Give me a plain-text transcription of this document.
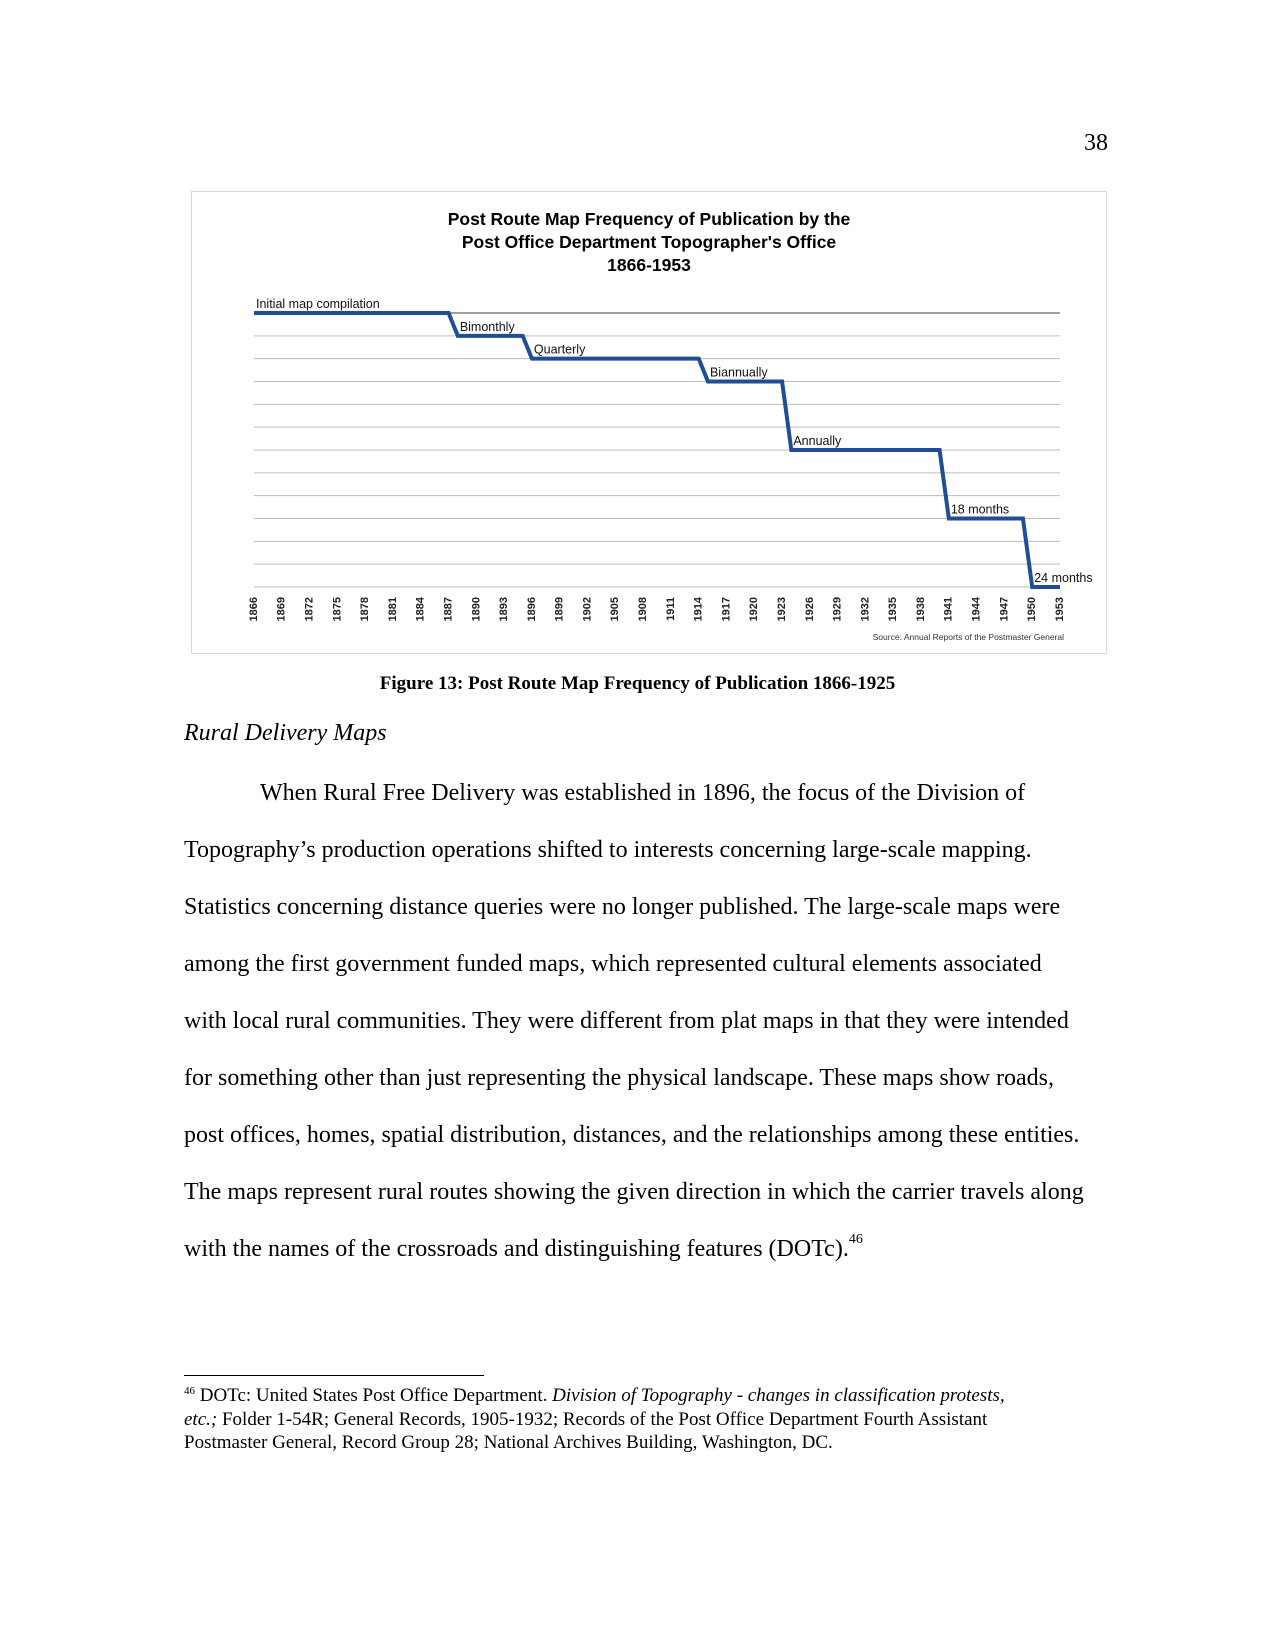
38
Post Route Map Frequency of Publication by the
Post Office Department Topographer's Office
1866-1953
1866 1869 1872 1875 1878 1881 1884 1887 1890 1893 1896 1899 1902 1905 1908 1911 1914 1917 1920 1923 1926 1929 1932 1935 1938 1941 1944 1947 1950 1953
Initial map compilation
Bimonthly
Quarterly
Biannually
Annually
18 months
24 months
Source: Annual Reports of the Postmaster General
Figure 13: Post Route Map Frequency of Publication 1866-1925
Rural Delivery Maps
When Rural Free Delivery was established in 1896, the focus of the Division of
Topography’s production operations shifted to interests concerning large-scale mapping.
Statistics concerning distance queries were no longer published. The large-scale maps were
among the first government funded maps, which represented cultural elements associated
with local rural communities. They were different from plat maps in that they were intended
for something other than just representing the physical landscape. These maps show roads,
post offices, homes, spatial distribution, distances, and the relationships among these entities.
The maps represent rural routes showing the given direction in which the carrier travels along
with the names of the crossroads and distinguishing features (DOTc).$^{46}$
$^{46}$ DOTc: United States Post Office Department. Division of Topography - changes in classification protests,
etc.; Folder 1-54R; General Records, 1905-1932; Records of the Post Office Department Fourth Assistant
Postmaster General, Record Group 28; National Archives Building, Washington, DC.
